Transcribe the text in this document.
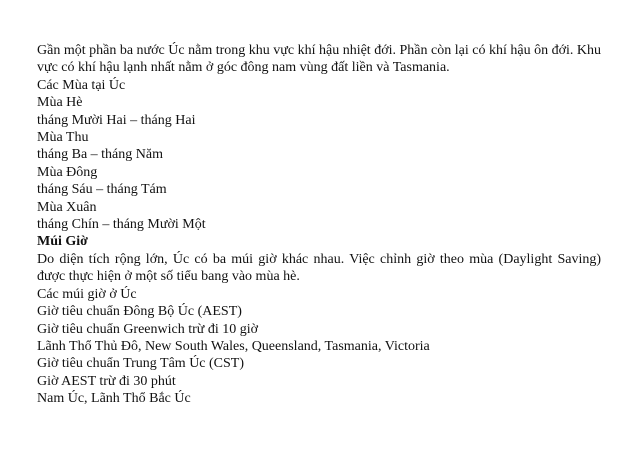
Gần một phần ba nước Úc nằm trong khu vực khí hậu nhiệt đới. Phần còn lại có khí hậu ôn đới. Khu vực có khí hậu lạnh nhất nằm ở góc đông nam vùng đất liền và Tasmania.
Các Mùa tại Úc
Mùa Hè
tháng Mười Hai – tháng Hai
Mùa Thu
tháng Ba – tháng Năm
Mùa Đông
tháng Sáu – tháng Tám
Mùa Xuân
tháng Chín – tháng Mười Một
Múi Giờ
Do diện tích rộng lớn, Úc có ba múi giờ khác nhau. Việc chỉnh giờ theo mùa (Daylight Saving) được thực hiện ở một số tiểu bang vào mùa hè.
Các múi giờ ở Úc
Giờ tiêu chuẩn Đông Bộ Úc (AEST)
Giờ tiêu chuẩn Greenwich trừ đi 10 giờ
Lãnh Thổ Thủ Đô, New South Wales, Queensland, Tasmania, Victoria
Giờ tiêu chuẩn Trung Tâm Úc (CST)
Giờ AEST trừ đi 30 phút
Nam Úc, Lãnh Thổ Bắc Úc
